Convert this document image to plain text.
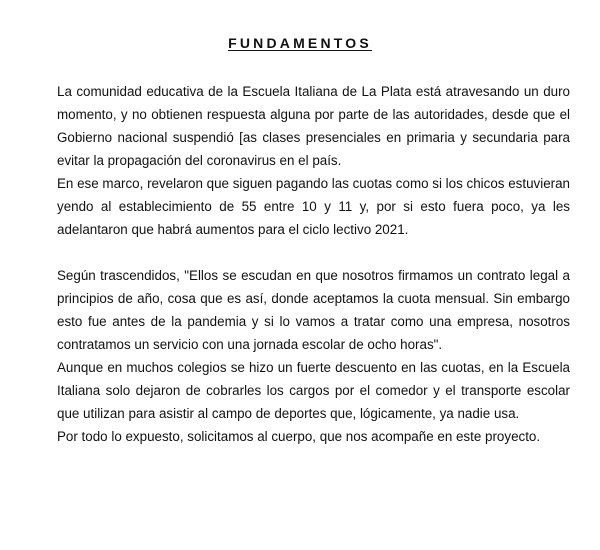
FUNDAMENTOS

La comunidad educativa de la Escuela Italiana de La Plata está atravesando un duro momento, y no obtienen respuesta alguna por parte de las autoridades, desde que el Gobierno nacional suspendió [as clases presenciales en primaria y secundaria para evitar la propagación del coronavirus en el país.

En ese marco, revelaron que siguen pagando las cuotas como si los chicos estuvieran yendo al establecimiento de 55 entre 10 y 11 y, por si esto fuera poco, ya les adelantaron que habrá aumentos para el ciclo lectivo 2021.

Según trascendidos, "Ellos se escudan en que nosotros firmamos un contrato legal a principios de año, cosa que es así, donde aceptamos la cuota mensual. Sin embargo esto fue antes de la pandemia y si lo vamos a tratar como una empresa, nosotros contratamos un servicio con una jornada escolar de ocho horas".

Aunque en muchos colegios se hizo un fuerte descuento en las cuotas, en la Escuela Italiana solo dejaron de cobrarles los cargos por el comedor y el transporte escolar que utilizan para asistir al campo de deportes que, lógicamente, ya nadie usa.

Por todo lo expuesto, solicitamos al cuerpo, que nos acompañe en este proyecto.
